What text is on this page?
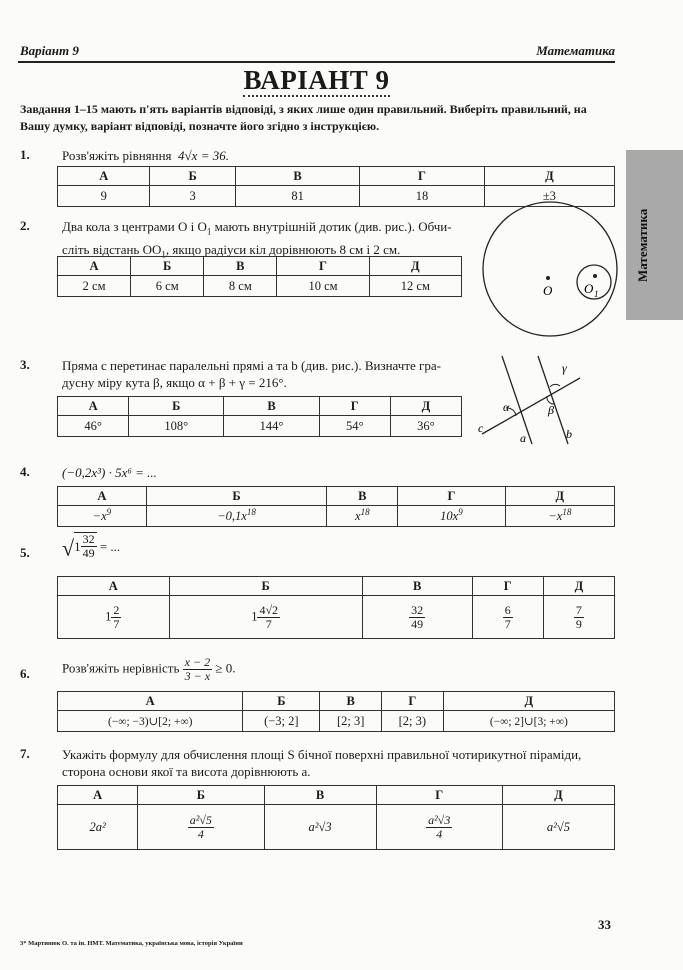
Варіант 9	Математика
ВАРІАНТ 9
Завдання 1–15 мають п'ять варіантів відповіді, з яких лише один правильний. Виберіть правильний, на Вашу думку, варіант відповіді, позначте його згідно з інструкцією.
Математика
1. Розв'яжіть рівняння 4√x = 36.
А	Б	В	Г	Д
9	3	81	18	±3
2. Два кола з центрами O і $O_1$ мають внутрішній дотик (див. рис.). Обчи-
сліть відстань $OO_1$, якщо радіуси кіл дорівнюють 8 см і 2 см.
А	Б	В	Г	Д
2 см	6 см	8 см	10 см	12 см	O O 1
3. Пряма c перетинає паралельні прямі a та b (див. рис.). Визначте гра-
дусну міру кута β, якщо α + β + γ = 216°.
А	Б	В	Г	Д
46°	108°	144°	54°	36°
α	β
γ
a	b
c
4. (−0,2x³) · 5x⁶ = ...
А	Б	В	Г	Д
$-x^9$	$-0,1x^{18}$	$x^{18}$	$10x^9$	$-x^{18}$
5. √ $1 \frac{32}{49}$ = ...
А	Б	В	Г	Д
$1 \frac{2}{7}$	$1 \frac{4√2}{7}$	$\frac{32}{49}$	$\frac{6}{7}$	$\frac{7}{9}$
6. Розв'яжіть нерівність $\frac{x - 2}{3 - x} \ge 0$.
А	Б	В	Г	Д
(−∞; −3)∪[2; +∞)	(−3; 2]	[2; 3]	[2; 3)	(−∞; 2]∪[3; +∞)
7. Укажіть формулу для обчислення площі S бічної поверхні правильної чотирикутної піраміди,
сторона основи якої та висота дорівнюють a.
А	Б	В	Г	Д
2a²	$\frac{\text{a²√5}}{4}$	a²√3	$\frac{\text{a²√3}}{4}$	a²√5
33
3* Мартинюк О. та ін. НМТ. Математика, українська мова, історія України
